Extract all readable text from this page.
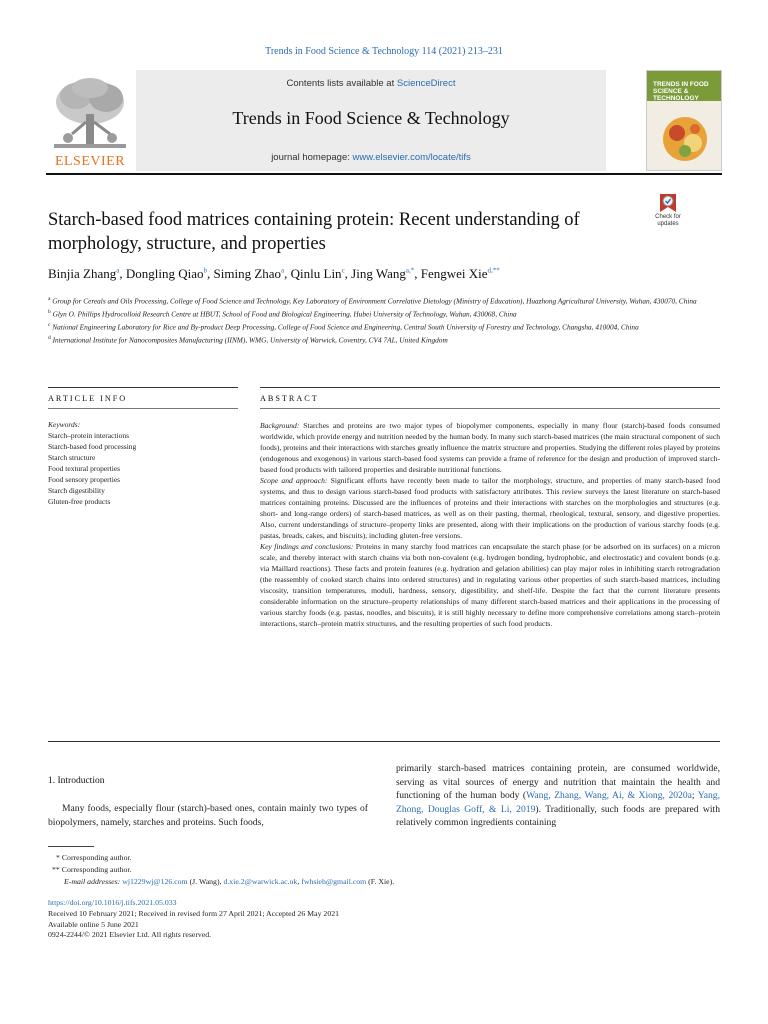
Trends in Food Science & Technology 114 (2021) 213–231
ELSEVIER
Contents lists available at ScienceDirect
Trends in Food Science & Technology
journal homepage: www.elsevier.com/locate/tifs
TRENDS IN FOOD SCIENCE & TECHNOLOGY
Check for
updates
Starch-based food matrices containing protein: Recent understanding of morphology, structure, and properties
Binjia Zhang$^a$, Dongling Qiao$^b$, Siming Zhao$^a$, Qinlu Lin$^c$, Jing Wang$^{a,*}$, Fengwei Xie$^{d,**}$
$^a$ Group for Cereals and Oils Processing, College of Food Science and Technology, Key Laboratory of Environment Correlative Dietology (Ministry of Education), Huazhong Agricultural University, Wuhan, 430070, China
$^b$ Glyn O. Phillips Hydrocolloid Research Centre at HBUT, School of Food and Biological Engineering, Hubei University of Technology, Wuhan, 430068, China
$^c$ National Engineering Laboratory for Rice and By-product Deep Processing, College of Food Science and Engineering, Central South University of Forestry and Technology, Changsha, 410004, China
$^d$ International Institute for Nanocomposites Manufacturing (IINM), WMG, University of Warwick, Coventry, CV4 7AL, United Kingdom
ARTICLE INFO	ABSTRACT
Keywords:
Starch–protein interactions
Starch-based food processing
Starch structure
Food textural properties
Food sensory properties
Starch digestibility
Gluten-free products

Background: Starches and proteins are two major types of biopolymer components, especially in many flour (starch)-based foods consumed worldwide, which provide energy and nutrition needed by the human body. In many such starch-based matrices (the main structural component of such foods), proteins and their interactions with starches greatly influence the matrix structure and properties. Studying the different roles played by proteins (endogenous and exogenous) in various starch-based food systems can provide a frame of reference for the design and production of improved starch-based food products with tailored properties and desirable nutritional functions.

Scope and approach: Significant efforts have recently been made to tailor the morphology, structure, and properties of many starch-based food systems, and thus to design various starch-based food products with satisfactory attributes. This review surveys the latest literature on starch-based matrices containing proteins. Discussed are the influences of proteins and their interactions with starches on the morphologies and structures (e.g. short- and long-range orders) of starch-based matrices, as well as on their pasting, thermal, rheological, textural, sensory, and digestive properties. Also, current understandings of structure–property links are presented, along with their implications on the production of various starchy foods (e.g. pastas, breads, cakes, and biscuits), including gluten-free versions.

Key findings and conclusions: Proteins in many starchy food matrices can encapsulate the starch phase (or be adsorbed on its surfaces) on a micron scale, and thereby interact with starch chains via both non-covalent (e.g. hydrogen bonding, hydrophobic, and electrostatic) and covalent bonds (e.g. via Maillard reactions). These facts and protein features (e.g. hydration and gelation abilities) can play major roles in inhibiting starch retrogradation (the reassembly of cooked starch chains into ordered structures) and in regulating various other properties of such starch-based matrices, including viscosity, transition temperatures, moduli, hardness, sensory, digestibility, and shelf-life. Despite the fact that the current literature presents considerable information on the structure–property relationships of many different starch-based matrices and their applications in the processing of various starchy foods (e.g. pastas, noodles, and biscuits), it is still highly necessary to define more comprehensive correlations among starch–protein interactions, starch–protein matrix structures, and the resulting properties of such food products.

1. Introduction
Many foods, especially flour (starch)-based ones, contain mainly two types of biopolymers, namely, starches and proteins. Such foods,
primarily starch-based matrices containing protein, are consumed worldwide, serving as vital sources of energy and nutrition that maintain the health and functioning of the human body (Wang, Zhang, Wang, Ai, & Xiong, 2020a; Yang, Zhong, Douglas Goff, & Li, 2019). Traditionally, such foods are prepared with relatively common ingredients containing
* Corresponding author.
** Corresponding author.
E-mail addresses: wj1229wj@126.com (J. Wang), d.xie.2@warwick.ac.uk, fwhsieh@gmail.com (F. Xie).
https://doi.org/10.1016/j.tifs.2021.05.033
Received 10 February 2021; Received in revised form 27 April 2021; Accepted 26 May 2021
Available online 5 June 2021
0924-2244/© 2021 Elsevier Ltd. All rights reserved.
